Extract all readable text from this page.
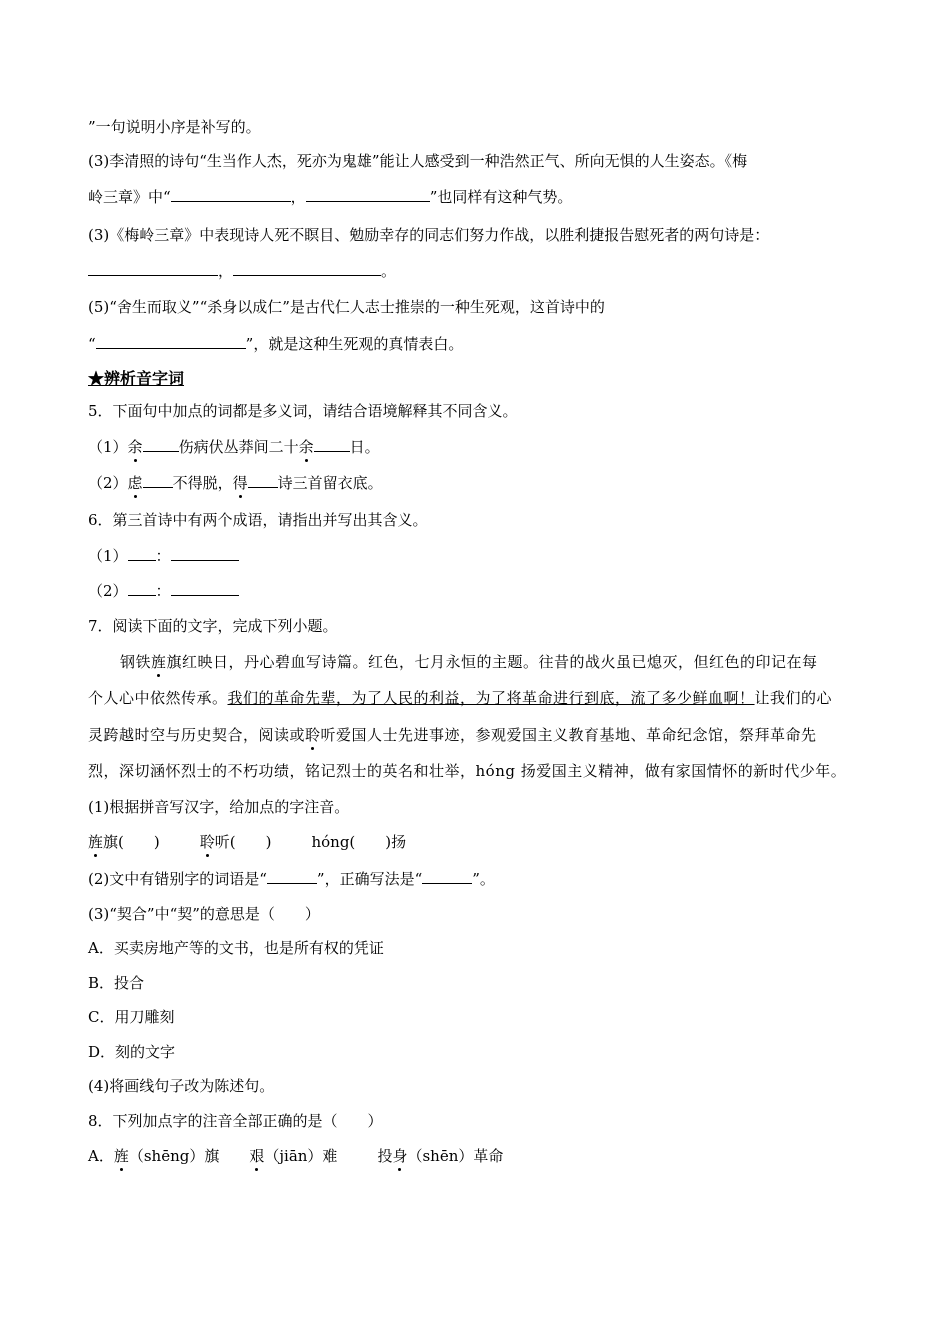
”一句说明小序是补写的。
(3)李清照的诗句“生当作人杰，死亦为鬼雄”能让人感受到一种浩然正气、所向无惧的人生姿态。《梅
岭三章》中“	，	”也同样有这种气势。
(3)《梅岭三章》中表现诗人死不瞑目、勉励幸存的同志们努力作战，以胜利捷报告慰死者的两句诗是：
，	。
(5)“舍生而取义”“杀身以成仁”是古代仁人志士推崇的一种生死观，这首诗中的
“	”，就是这种生死观的真情表白。
★辨析音字词
5．下面句中加点的词都是多义词，请结合语境解释其不同含义。
（1）余 伤病伏丛莽间二十余 日。
（2）虑 不得脱，得 诗三首留衣底。
6．第三首诗中有两个成语，请指出并写出其含义。
（1） ：
（2） ：
7．阅读下面的文字，完成下列小题。
钢铁旌旗红映日，丹心碧血写诗篇。红色，七月永恒的主题。往昔的战火虽已熄灭，但红色的印记在每
个人心中依然传承。我们的革命先辈，为了人民的利益，为了将革命进行到底，流了多少鲜血啊！让我们的心
灵跨越时空与历史契合，阅读或聆听爱国人士先进事迹，参观爱国主义教育基地、革命纪念馆，祭拜革命先
烈，深切涵怀烈士的不朽功绩，铭记烈士的英名和壮举，hóng 扬爱国主义精神，做有家国情怀的新时代少年。
(1)根据拼音写汉字，给加点的字注音。
旌旗(　　)	聆听(　　)	hóng(　　)扬
(2)文中有错别字的词语是“	”，正确写法是“	”。
(3)“契合”中“契”的意思是（　　）
A．买卖房地产等的文书，也是所有权的凭证
B．投合
C．用刀雕刻
D．刻的文字
(4)将画线句子改为陈述句。
8．下列加点字的注音全部正确的是（　　）
A．旌（shēng）旗 艰（jiān）难	投身（shēn）革命
